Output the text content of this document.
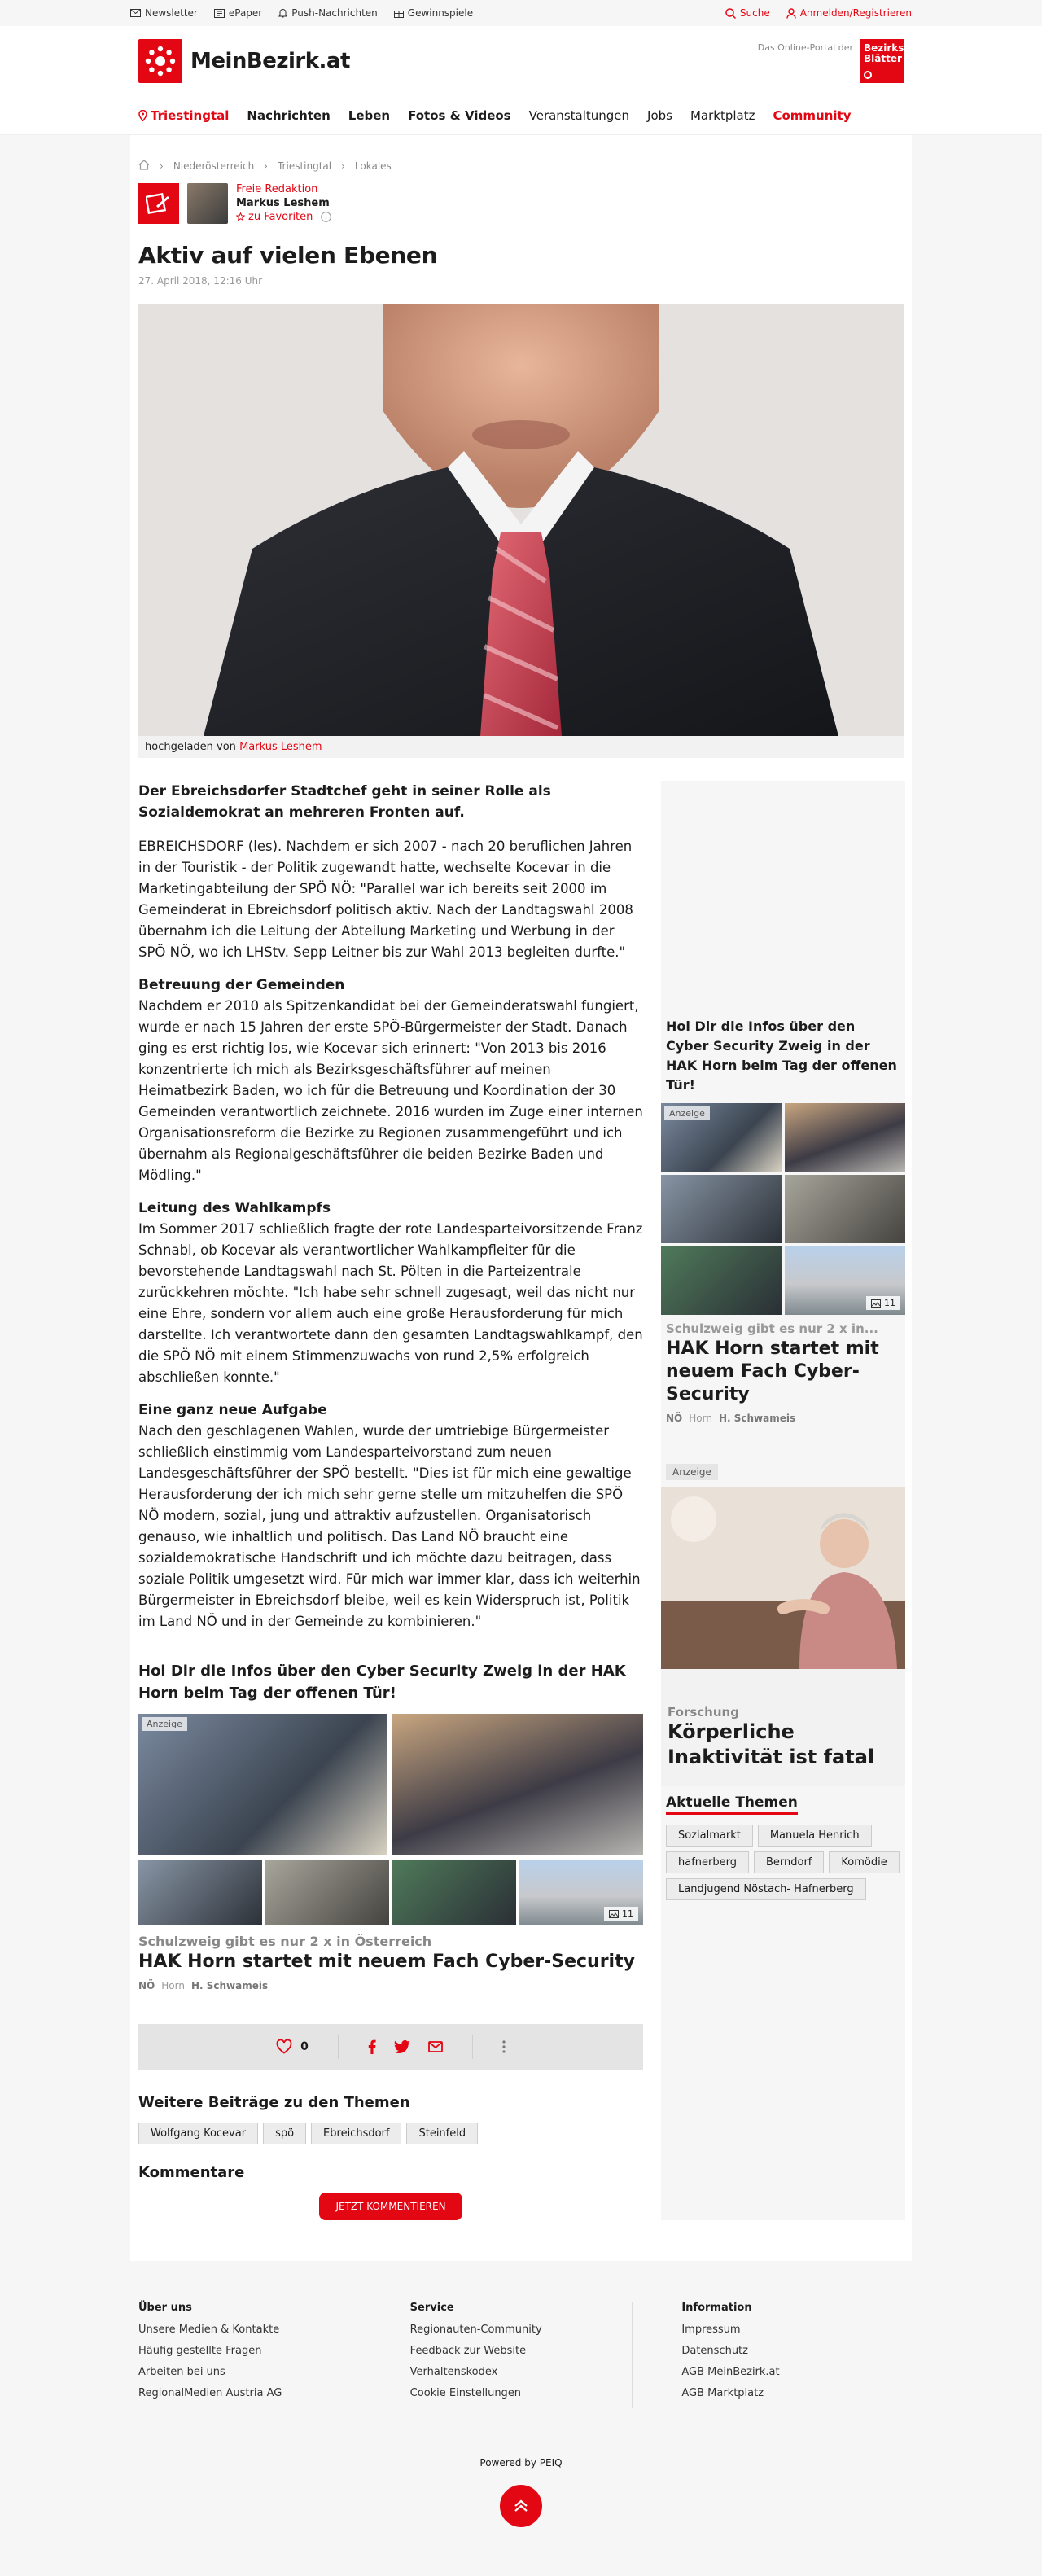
Newsletter	ePaper	Push-Nachrichten	Gewinnspiele	Suche	Anmelden/Registrieren
MeinBezirk.at
Das Online-Portal der Bezirks
Blätter
Triestingtal Nachrichten Leben Fotos & Videos Veranstaltungen Jobs Marktplatz Community
› Niederösterreich › Triestingtal › Lokales
Freie Redaktion
Markus Leshem
zu Favoriten
Aktiv auf vielen Ebenen
27. April 2018, 12:16 Uhr
hochgeladen von Markus Leshem

Der Ebreichsdorfer Stadtchef geht in seiner Rolle als Sozialdemokrat an mehreren Fronten auf.

EBREICHSDORF (les). Nachdem er sich 2007 - nach 20 beruflichen Jahren in der Touristik - der Politik zugewandt hatte, wechselte Kocevar in die Marketingabteilung der SPÖ NÖ: "Parallel war ich bereits seit 2000 im Gemeinderat in Ebreichsdorf politisch aktiv. Nach der Landtagswahl 2008 übernahm ich die Leitung der Abteilung Marketing und Werbung in der SPÖ NÖ, wo ich LHStv. Sepp Leitner bis zur Wahl 2013 begleiten durfte."

Betreuung der Gemeinden

Nachdem er 2010 als Spitzenkandidat bei der Gemeinderatswahl fungiert, wurde er nach 15 Jahren der erste SPÖ-Bürgermeister der Stadt. Danach ging es erst richtig los, wie Kocevar sich erinnert: "Von 2013 bis 2016 konzentrierte ich mich als Bezirksgeschäftsführer auf meinen Heimatbezirk Baden, wo ich für die Betreuung und Koordination der 30 Gemeinden verantwortlich zeichnete. 2016 wurden im Zuge einer internen Organisationsreform die Bezirke zu Regionen zusammengeführt und ich übernahm als Regionalgeschäftsführer die beiden Bezirke Baden und Mödling."

Leitung des Wahlkampfs

Im Sommer 2017 schließlich fragte der rote Landesparteivorsitzende Franz Schnabl, ob Kocevar als verantwortlicher Wahlkampfleiter für die bevorstehende Landtagswahl nach St. Pölten in die Parteizentrale zurückkehren möchte. "Ich habe sehr schnell zugesagt, weil das nicht nur eine Ehre, sondern vor allem auch eine große Herausforderung für mich darstellte. Ich verantwortete dann den gesamten Landtagswahlkampf, den die SPÖ NÖ mit einem Stimmenzuwachs von rund 2,5% erfolgreich abschließen konnte."

Eine ganz neue Aufgabe

Nach den geschlagenen Wahlen, wurde der umtriebige Bürgermeister schließlich einstimmig vom Landesparteivorstand zum neuen Landesgeschäftsführer der SPÖ bestellt. "Dies ist für mich eine gewaltige Herausforderung der ich mich sehr gerne stelle um mitzuhelfen die SPÖ NÖ modern, sozial, jung und attraktiv aufzustellen. Organisatorisch genauso, wie inhaltlich und politisch. Das Land NÖ braucht eine sozialdemokratische Handschrift und ich möchte dazu beitragen, dass soziale Politik umgesetzt wird. Für mich war immer klar, dass ich weiterhin Bürgermeister in Ebreichsdorf bleibe, weil es kein Widerspruch ist, Politik im Land NÖ und in der Gemeinde zu kombinieren."

Hol Dir die Infos über den Cyber Security Zweig in der HAK Horn beim Tag der offenen Tür!
Anzeige
11
Schulzweig gibt es nur 2 x in Österreich
HAK Horn startet mit neuem Fach Cyber-Security
NÖ Horn H. Schwameis
0
Weitere Beiträge zu den Themen
Wolfgang Kocevar	spö	Ebreichsdorf	Steinfeld
Kommentare
JETZT KOMMENTIEREN
Hol Dir die Infos über den Cyber Security Zweig in der HAK Horn beim Tag der offenen Tür!
Anzeige
11
Schulzweig gibt es nur 2 x in...
HAK Horn startet mit neuem Fach Cyber-Security
NÖ Horn H. Schwameis
Anzeige
Forschung
Körperliche Inaktivität ist fatal
Aktuelle Themen
Sozialmarkt	Manuela Henrich
hafnerberg	Berndorf	Komödie
Landjugend Nöstach- Hafnerberg
Über uns
Unsere Medien & Kontakte
Häufig gestellte Fragen
Arbeiten bei uns
RegionalMedien Austria AG
Service
Regionauten-Community
Feedback zur Website
Verhaltenskodex
Cookie Einstellungen
Information
Impressum
Datenschutz
AGB MeinBezirk.at
AGB Marktplatz
Powered by PEIQ
